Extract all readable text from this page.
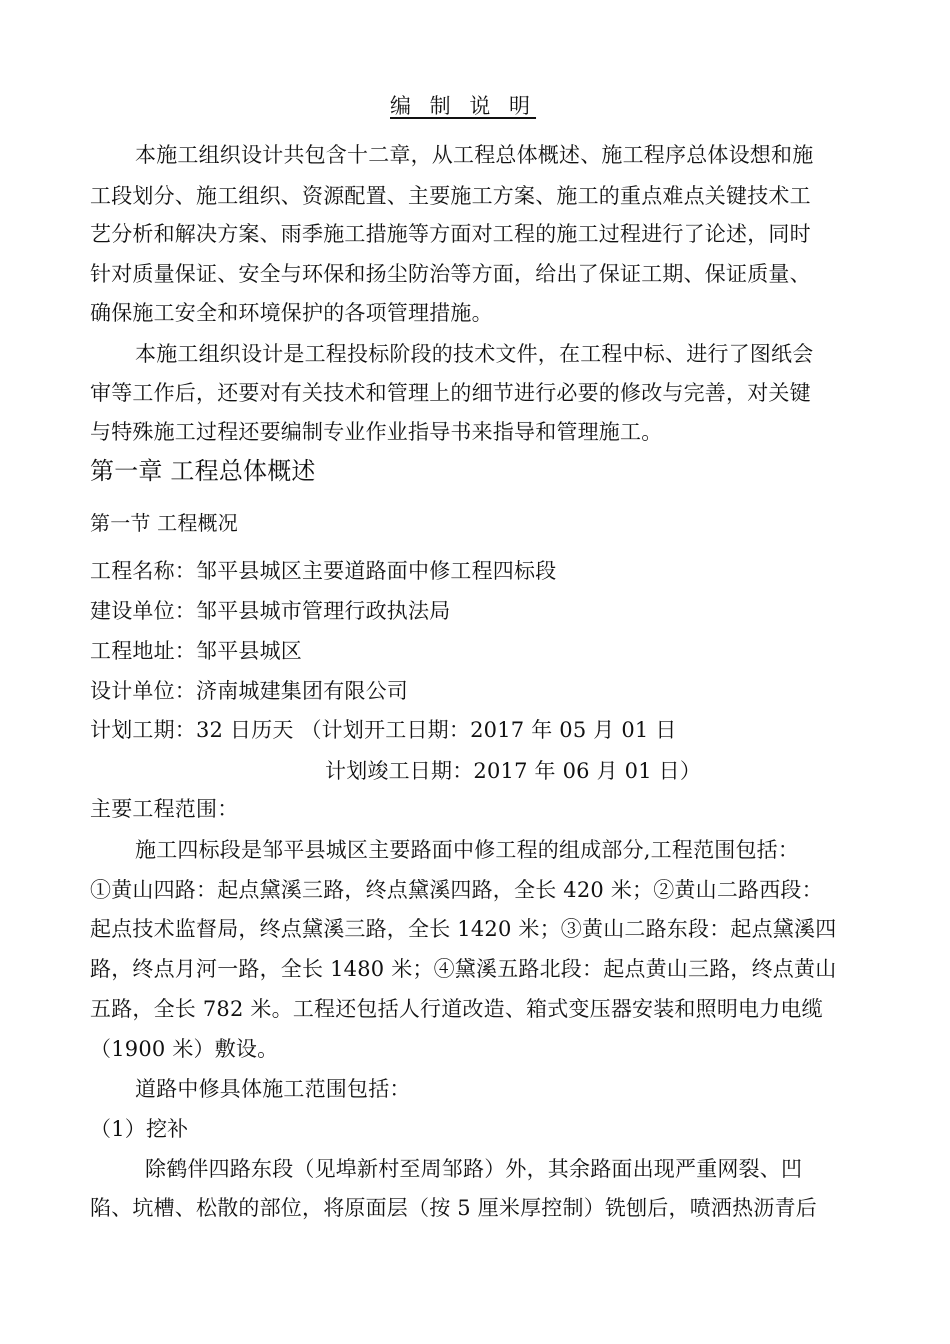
编 制 说 明
本施工组织设计共包含十二章，从工程总体概述、施工程序总体设想和施
工段划分、施工组织、资源配置、主要施工方案、施工的重点难点关键技术工
艺分析和解决方案、雨季施工措施等方面对工程的施工过程进行了论述，同时
针对质量保证、安全与环保和扬尘防治等方面，给出了保证工期、保证质量、
确保施工安全和环境保护的各项管理措施。
本施工组织设计是工程投标阶段的技术文件，在工程中标、进行了图纸会
审等工作后，还要对有关技术和管理上的细节进行必要的修改与完善，对关键
与特殊施工过程还要编制专业作业指导书来指导和管理施工。
第一章 工程总体概述
第一节 工程概况
工程名称：邹平县城区主要道路面中修工程四标段
建设单位：邹平县城市管理行政执法局
工程地址：邹平县城区
设计单位：济南城建集团有限公司
计划工期：32 日历天 （计划开工日期：2017 年 05 月 01 日
计划竣工日期：2017 年 06 月 01 日）
主要工程范围：
施工四标段是邹平县城区主要路面中修工程的组成部分,工程范围包括：
①黄山四路：起点黛溪三路，终点黛溪四路，全长 420 米；②黄山二路西段：
起点技术监督局，终点黛溪三路，全长 1420 米；③黄山二路东段：起点黛溪四
路，终点月河一路，全长 1480 米；④黛溪五路北段：起点黄山三路，终点黄山
五路，全长 782 米。工程还包括人行道改造、箱式变压器安装和照明电力电缆
（1900 米）敷设。
道路中修具体施工范围包括：
（1）挖补
除鹤伴四路东段（见埠新村至周邹路）外，其余路面出现严重网裂、凹
陷、坑槽、松散的部位，将原面层（按 5 厘米厚控制）铣刨后，喷洒热沥青后
